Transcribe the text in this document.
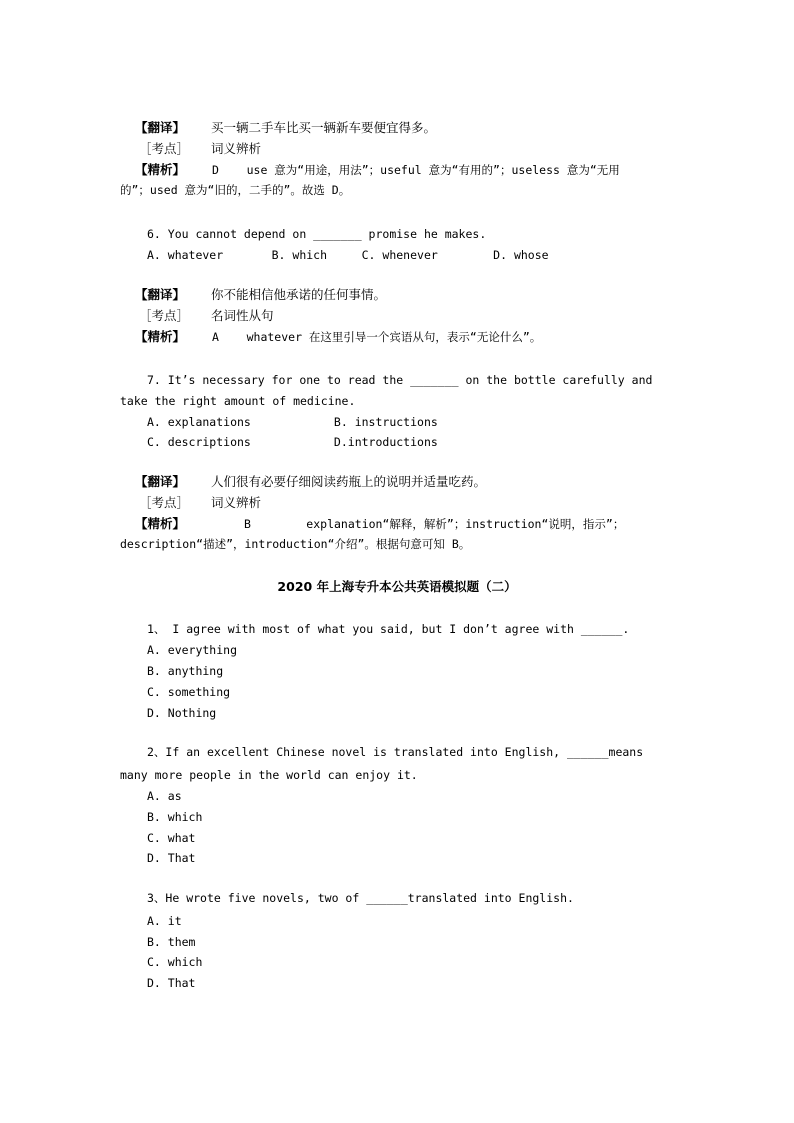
【翻译】 买一辆二手车比买一辆新车要便宜得多。
［考点］ 词义辨析
【精析】 D    use 意为“用途，用法”；useful 意为“有用的”；useless 意为“无用
的”；used 意为“旧的，二手的”。故选 D。
6. You cannot depend on _______ promise he makes.
A. whatever       B. which     C. whenever        D. whose
【翻译】 你不能相信他承诺的任何事情。
［考点］ 名词性从句
【精析】 A    whatever 在这里引导一个宾语从句，表示“无论什么”。
7. It’s necessary for one to read the _______ on the bottle carefully and
take the right amount of medicine.
A. explanations            B. instructions
C. descriptions            D.introductions
【翻译】 人们很有必要仔细阅读药瓶上的说明并适量吃药。
［考点］ 词义辨析
【精析】	B        explanation“解释，解析”；instruction“说明，指示”；
description“描述”，introduction“介绍”。根据句意可知 B。
2020 年上海专升本公共英语模拟题（二）
1、 I agree with most of what you said, but I don’t agree with ______.
A. everything
B. anything
C. something
D. Nothing
2、If an excellent Chinese novel is translated into English, ______means
many more people in the world can enjoy it.
A. as
B. which
C. what
D. That
3、He wrote five novels, two of ______translated into English.
A. it
B. them
C. which
D. That
